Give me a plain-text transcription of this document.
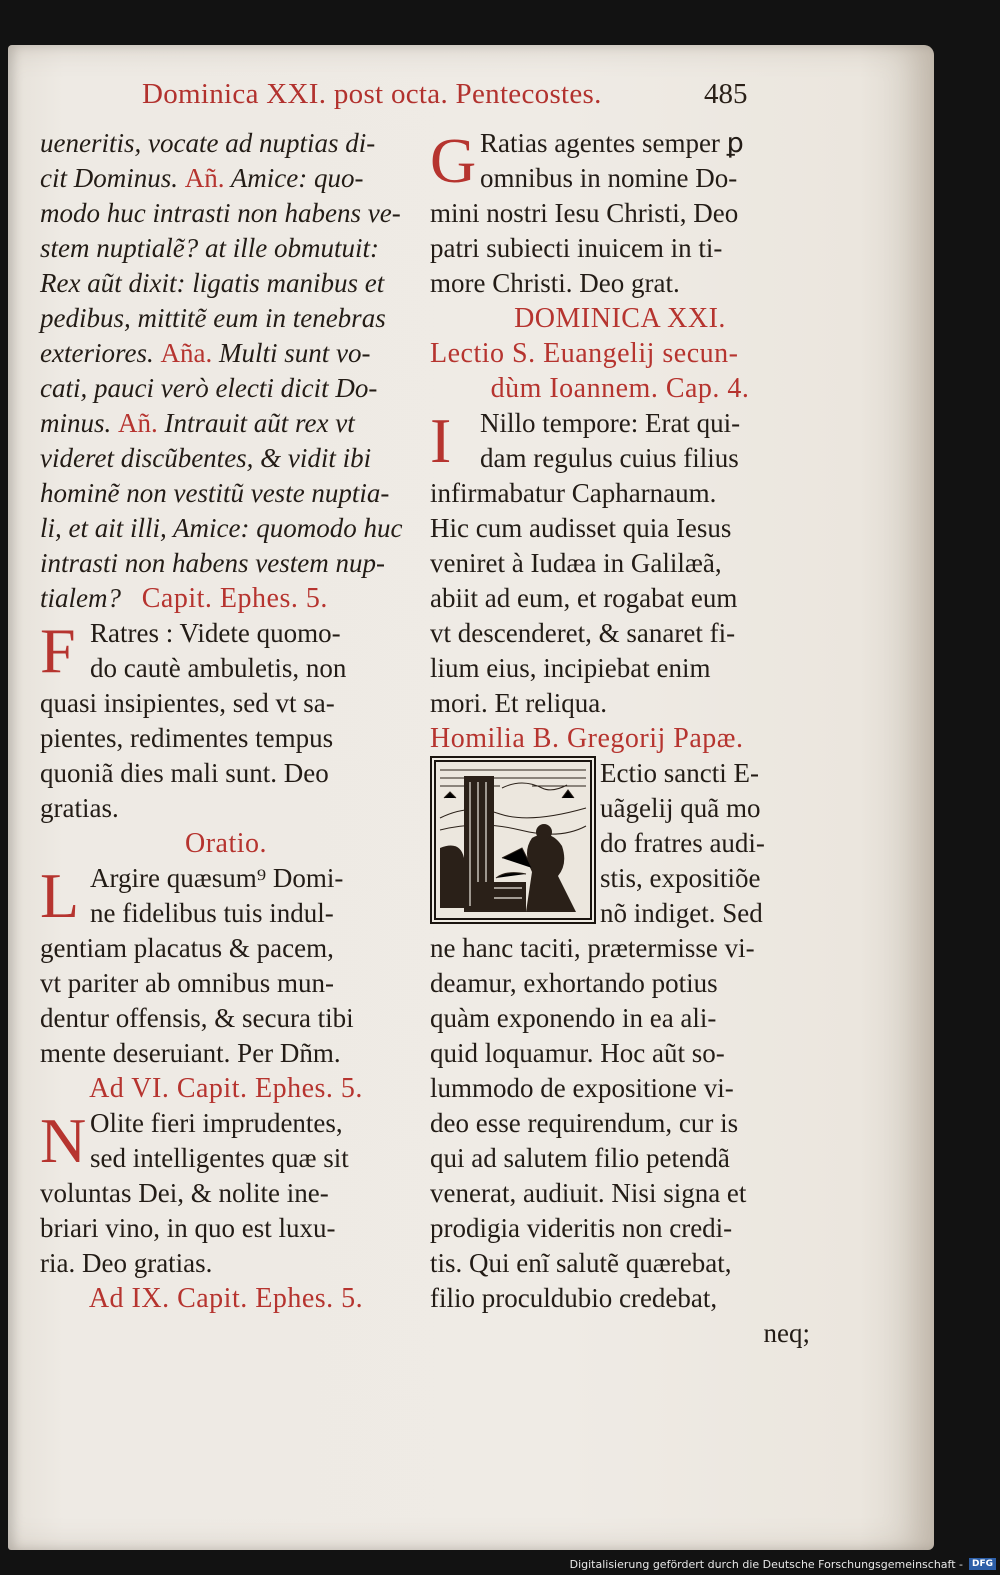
Dominica XXI. post octa. Pentecostes.	485
ueneritis, vocate ad nuptias di-
cit Dominus. Añ. Amice: quo-
modo huc intrasti non habens ve-
stem nuptialẽ? at ille obmutuit:
Rex aũt dixit: ligatis manibus et
pedibus, mittitẽ eum in tenebras
exteriores. Aña. Multi sunt vo-
cati, pauci verò electi dicit Do-
minus. Añ. Intrauit aũt rex vt
videret discũbentes, & vidit ibi
hominẽ non vestitũ veste nuptia-
li, et ait illi, Amice: quomodo huc
intrasti non habens vestem nup-
tialem? Capit. Ephes. 5.
F Ratres : Videte quomo-
do cautè ambuletis, non
quasi insipientes, sed vt sa-
pientes, redimentes tempus
quoniã dies mali sunt. Deo
gratias.
Oratio.
L Argire quæsum⁹ Domi-
ne fidelibus tuis indul-
gentiam placatus & pacem,
vt pariter ab omnibus mun-
dentur offensis, & secura tibi
mente deseruiant. Per Dñm.
Ad VI. Capit. Ephes. 5.
N Olite fieri imprudentes,
sed intelligentes quæ sit
voluntas Dei, & nolite ine-
briari vino, in quo est luxu-
ria. Deo gratias.
Ad IX. Capit. Ephes. 5.
G Ratias agentes semper ꝑ
omnibus in nomine Do-
mini nostri Iesu Christi, Deo
patri subiecti inuicem in ti-
more Christi. Deo grat.
DOMINICA XXI.
Lectio S. Euangelij secun-
dùm Ioannem. Cap. 4.
I	Nillo tempore: Erat qui-
dam regulus cuius filius
infirmabatur Capharnaum.
Hic cum audisset quia Iesus
veniret à Iudæa in Galilæã,
abiit ad eum, et rogabat eum
vt descenderet, & sanaret fi-
lium eius, incipiebat enim
mori. Et reliqua.
Homilia B. Gregorij Papæ.
Ectio sancti E-
uãgelij quã mo
do fratres audi-
stis, expositiõe
nõ indiget. Sed
ne hanc taciti, prætermisse vi-
deamur, exhortando potius
quàm exponendo in ea ali-
quid loquamur. Hoc aũt so-
lummodo de expositione vi-
deo esse requirendum, cur is
qui ad salutem filio petendã
venerat, audiuit. Nisi signa et
prodigia videritis non credi-
tis. Qui enĩ salutẽ quærebat,
filio proculdubio credebat,
neq;
Digitalisierung gefördert durch die Deutsche Forschungsgemeinschaft -	DFG
